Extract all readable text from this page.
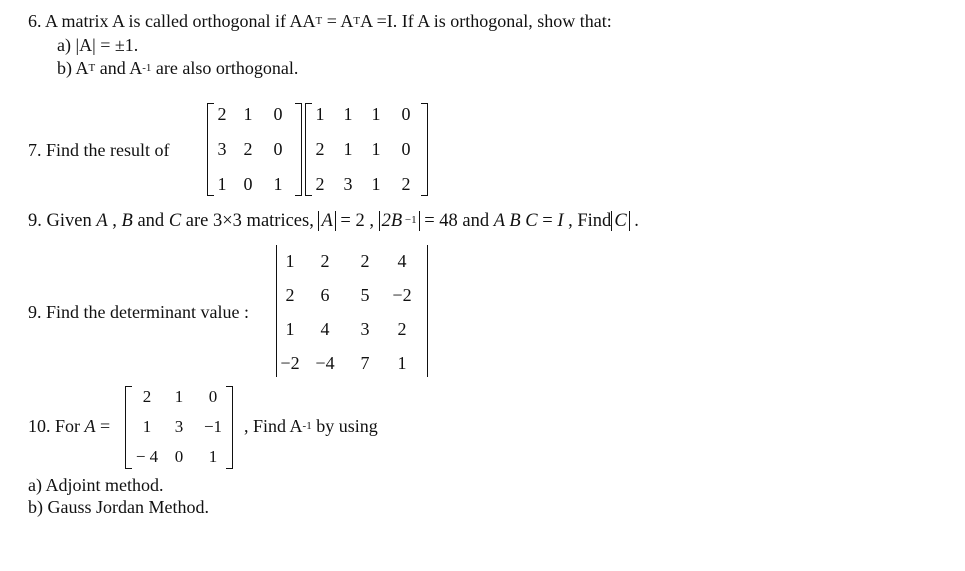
6. A matrix A is called orthogonal if $AA^T = A^TA =I$. If A is orthogonal, show that:
a) |A| = ±1.
b) $A^T$ and $A^{-1}$ are also orthogonal.
7. Find the result of
2 1	0
3 2	0
1 0	1
1	1	1	0
2	1	1	0
2	3	1	2
9. Given A , B and C are 3×3 matrices, A = 2 , 2B $^{-1}$ = 48 and A B C = I , Find C .
9. Find the determinant value :
1	2	2	4
2	6	5	−2
1	4	3	2
−2 −4	7	1
10. For A =
2	1	0
1	3	−1
− 4 0	1
, Find $A^{-1}$ by using
a) Adjoint method.
b) Gauss Jordan Method.
